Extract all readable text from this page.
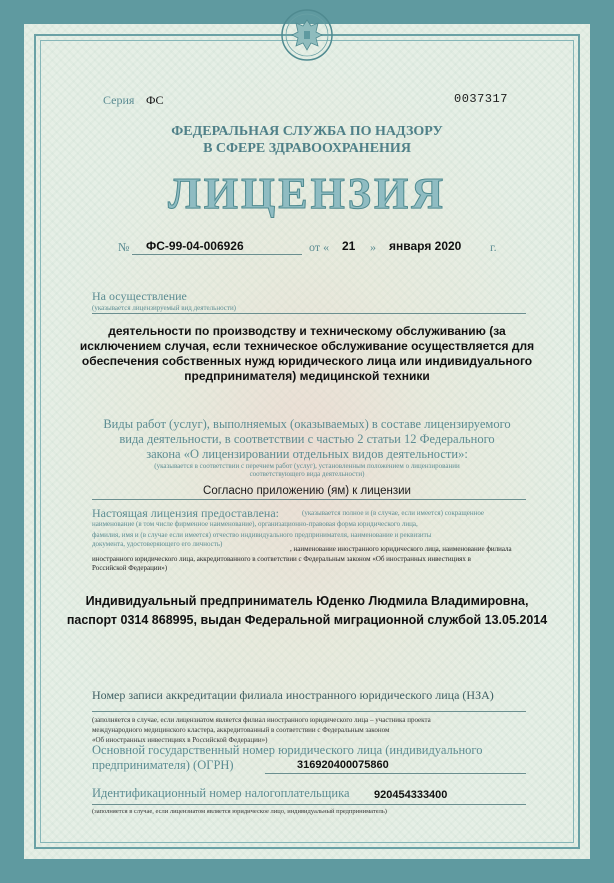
Серия ФС	0037317
ФЕДЕРАЛЬНАЯ СЛУЖБА ПО НАДЗОРУ
В СФЕРЕ ЗДРАВООХРАНЕНИЯ
ЛИЦЕНЗИЯ
№ ФС-99-04-006926	от « 21 » января 2020 г.
На осуществление
(указывается лицензируемый вид деятельности)
деятельности по производству и техническому обслуживанию (за
исключением случая, если техническое обслуживание осуществляется для
обеспечения собственных нужд юридического лица или индивидуального
предпринимателя) медицинской техники
Виды работ (услуг), выполняемых (оказываемых) в составе лицензируемого
вида деятельности, в соответствии с частью 2 статьи 12 Федерального
закона «О лицензировании отдельных видов деятельности»:
(указывается в соответствии с перечнем работ (услуг), установленным положением о лицензировании
соответствующего вида деятельности)
Согласно приложению (ям) к лицензии
Настоящая лицензия предоставлена:	(указывается полное и (в случае, если имеется) сокращенное
наименование (в том числе фирменное наименование), организационно-правовая форма юридического лица,
фамилия, имя и (в случае если имеется) отчество индивидуального предпринимателя, наименование и реквизиты
документа, удостоверяющего его личность)
, наименование иностранного юридического лица, наименование филиала
иностранного юридического лица, аккредитованного в соответствии с Федеральным законом «Об иностранных инвестициях в
Российской Федерации»)
Индивидуальный предприниматель Юденко Людмила Владимировна,
паспорт 0314 868995, выдан Федеральной миграционной службой 13.05.2014
Номер записи аккредитации филиала иностранного юридического лица (НЗА)
(заполняется в случае, если лицензиатом является филиал иностранного юридического лица – участника проекта
международного медицинского кластера, аккредитованный в соответствии с Федеральным законом
«Об иностранных инвестициях в Российской Федерации»)
Основной государственный номер юридического лица (индивидуального
предпринимателя) (ОГРН)	316920400075860
Идентификационный номер налогоплательщика 920454333400
(заполняется в случае, если лицензиатом является юридическое лицо, индивидуальный предприниматель)
